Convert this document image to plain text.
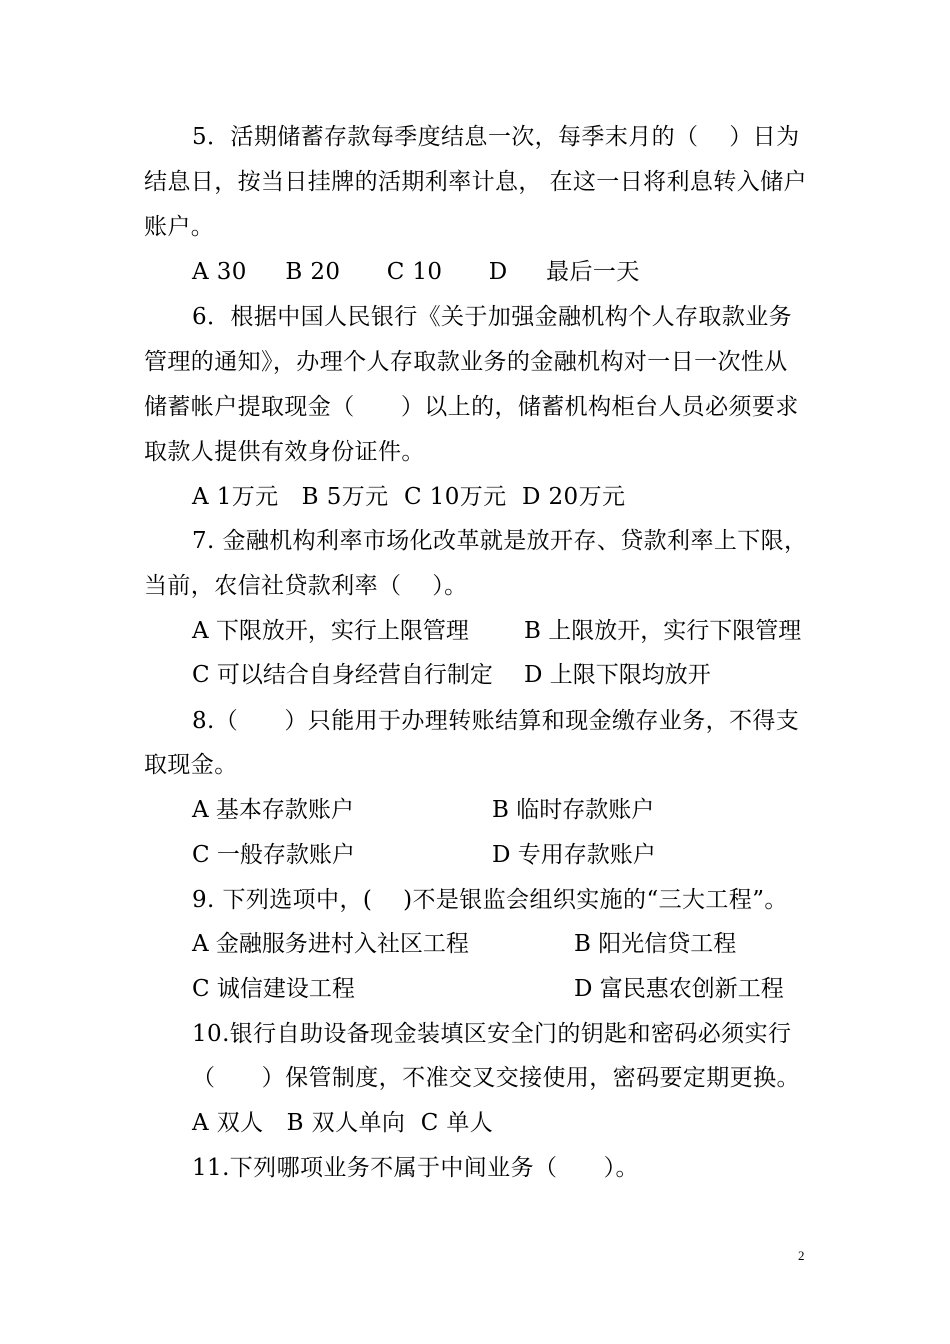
5．活期储蓄存款每季度结息一次，每季末月的（    ）日为
结息日，按当日挂牌的活期利率计息， 在这一日将利息转入储户
账户。
A 30     B 20      C 10      D     最后一天
6．根据中国人民银行《关于加强金融机构个人存取款业务
管理的通知》，办理个人存取款业务的金融机构对一日一次性从
储蓄帐户提取现金（      ）以上的，储蓄机构柜台人员必须要求
取款人提供有效身份证件。
A 1万元   B 5万元  C 10万元  D 20万元
7. 金融机构利率市场化改革就是放开存、贷款利率上下限，
当前，农信社贷款利率（    ）。
A 下限放开，实行上限管理 B 上限放开，实行下限管理
C 可以结合自身经营自行制定 D 上限下限均放开
8.（      ）只能用于办理转账结算和现金缴存业务，不得支
取现金。
A 基本存款账户	B 临时存款账户
C 一般存款账户	D 专用存款账户
9. 下列选项中，(    )不是银监会组织实施的“三大工程”。
A 金融服务进村入社区工程	B 阳光信贷工程
C 诚信建设工程	D 富民惠农创新工程
10.银行自助设备现金装填区安全门的钥匙和密码必须实行
（      ）保管制度，不准交叉交接使用，密码要定期更换。
A 双人   B 双人单向  C 单人
11.下列哪项业务不属于中间业务（      ）。
2
